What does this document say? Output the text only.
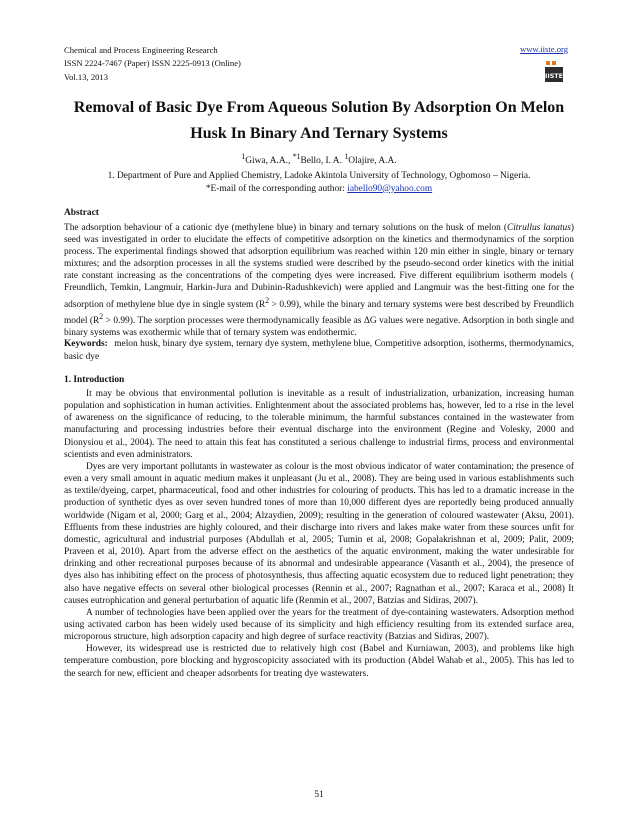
Chemical and Process Engineering Research
ISSN 2224-7467 (Paper) ISSN 2225-0913 (Online)
Vol.13, 2013
www.iiste.org
IISTE
Removal of Basic Dye From Aqueous Solution By Adsorption On Melon Husk In Binary And Ternary Systems
$^1$Giwa, A.A., $^{*1}$Bello, I. A. $^1$Olajire, A.A.
1. Department of Pure and Applied Chemistry, Ladoke Akintola University of Technology, Ogbomoso – Nigeria.
*E-mail of the corresponding author: iabello90@yahoo.com
Abstract
The adsorption behaviour of a cationic dye (methylene blue) in binary and ternary solutions on the husk of melon (Citrullus lanatus) seed was investigated in order to elucidate the effects of competitive adsorption on the kinetics and thermodynamics of the sorption process. The experimental findings showed that adsorption equilibrium was reached within 120 min either in single, binary or ternary mixtures; and the adsorption processes in all the systems studied were described by the pseudo-second order kinetics with the initial rate constant increasing as the concentrations of the competing dyes were increased. Five different equilibrium isotherm models ( Freundlich, Temkin, Langmuir, Harkin-Jura and Dubinin-Radushkevich) were applied and Langmuir was the best-fitting one for the adsorption of methylene blue dye in single system $(R^2 > 0.99)$, while the binary and ternary systems were best described by Freundlich model $(R^2 > 0.99)$. The sorption processes were thermodynamically feasible as ΔG values were negative. Adsorption in both single and binary systems was exothermic while that of ternary system was endothermic.
Keywords: melon husk, binary dye system, ternary dye system, methylene blue, Competitive adsorption, isotherms, thermodynamics, basic dye
1. Introduction

It may be obvious that environmental pollution is inevitable as a result of industrialization, urbanization, increasing human population and sophistication in human activities. Enlightenment about the associated problems has, however, led to a rise in the level of awareness on the significance of reducing, to the tolerable minimum, the harmful substances contained in the wastewater from manufacturing and processing industries before their eventual discharge into the environment (Regine and Volesky, 2000 and Dionysiou et al., 2004). The need to attain this feat has constituted a serious challenge to industrial firms, process and environmental scientists and even administrators.

Dyes are very important pollutants in wastewater as colour is the most obvious indicator of water contamination; the presence of even a very small amount in aquatic medium makes it unpleasant (Ju et al., 2008). They are being used in various establishments such as textile/dyeing, carpet, pharmaceutical, food and other industries for colouring of products. This has led to a dramatic increase in the production of synthetic dyes as over seven hundred tones of more than 10,000 different dyes are reportedly being produced annually worldwide (Nigam et al, 2000; Garg et al., 2004; Alzaydien, 2009); resulting in the generation of coloured wastewater (Aksu, 2001). Effluents from these industries are highly coloured, and their discharge into rivers and lakes make water from these sources unfit for domestic, agricultural and industrial purposes (Abdullah et al, 2005; Tumin et al, 2008; Gopalakrishnan et al, 2009; Palit, 2009; Praveen et al, 2010). Apart from the adverse effect on the aesthetics of the aquatic environment, making the water undesirable for drinking and other recreational purposes because of its abnormal and undesirable appearance (Vasanth et al., 2004), the presence of dyes also has inhibiting effect on the process of photosynthesis, thus affecting aquatic ecosystem due to reduced light penetration; they also have negative effects on several other biological processes (Rennin et al., 2007; Ragnathan et al., 2007; Karaca et al., 2008) It causes eutrophication and general perturbation of aquatic life (Renmin et al., 2007, Batzias and Sidiras, 2007).

A number of technologies have been applied over the years for the treatment of dye-containing wastewaters. Adsorption method using activated carbon has been widely used because of its simplicity and high efficiency resulting from its extended surface area, microporous structure, high adsorption capacity and high degree of surface reactivity (Batzias and Sidiras, 2007).

However, its widespread use is restricted due to relatively high cost (Babel and Kurniawan, 2003), and problems like high temperature combustion, pore blocking and hygroscopicity associated with its production (Abdel Wahab et al., 2005). This has led to the search for new, efficient and cheaper adsorbents for treating dye wastewaters.

51
